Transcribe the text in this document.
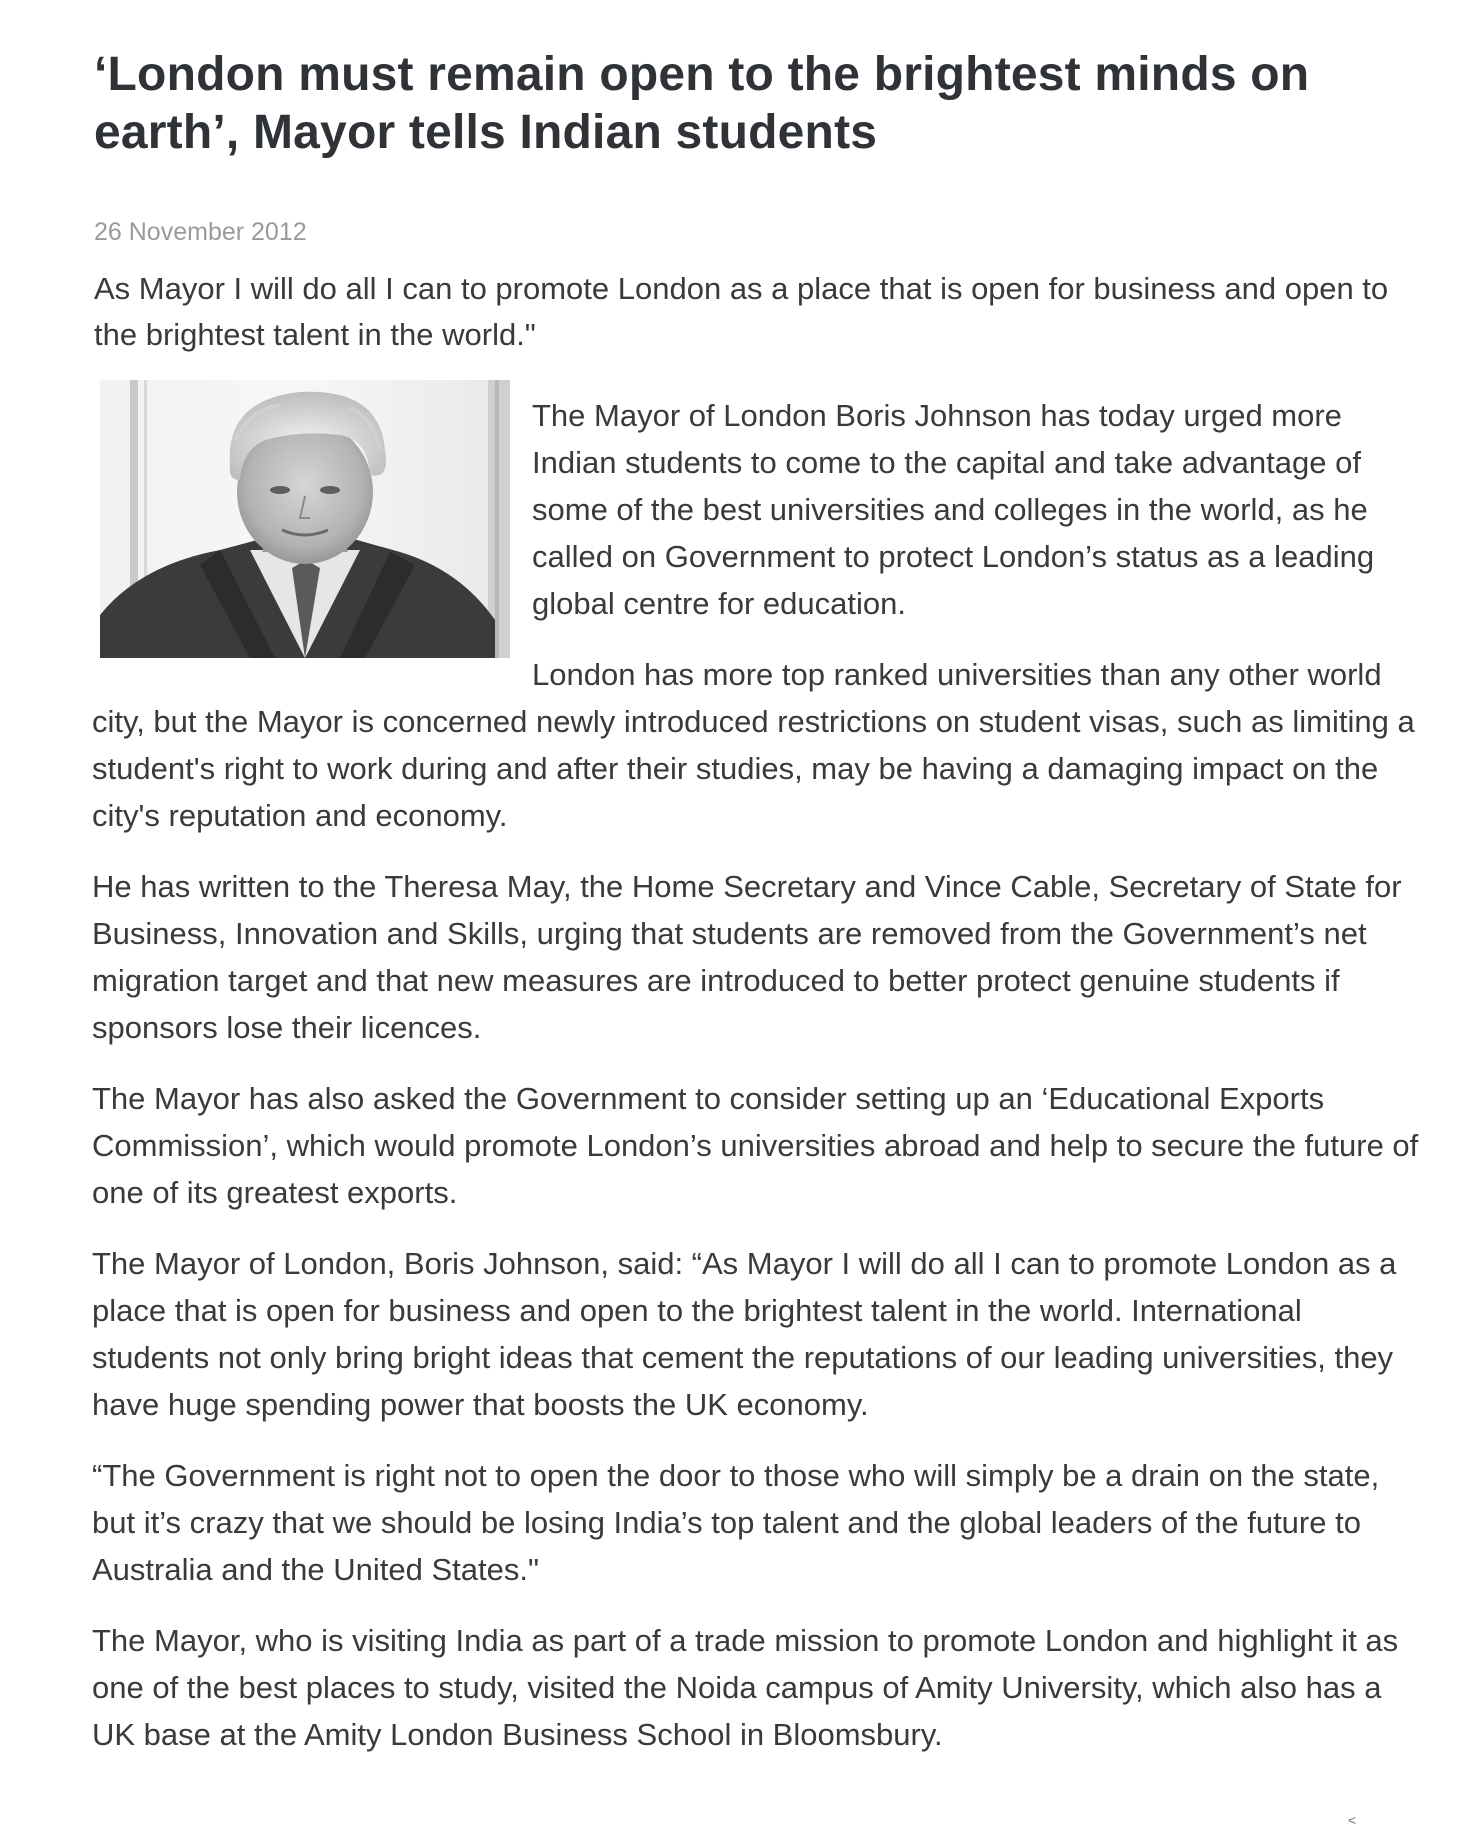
‘London must remain open to the brightest minds on earth’, Mayor tells Indian students

26 November 2012

As Mayor I will do all I can to promote London as a place that is open for business and open to the brightest talent in the world."

The Mayor of London Boris Johnson has today urged more Indian students to come to the capital and take advantage of some of the best universities and colleges in the world, as he called on Government to protect London’s status as a leading global centre for education.

London has more top ranked universities than any other world city, but the Mayor is concerned newly introduced restrictions on student visas, such as limiting a student's right to work during and after their studies, may be having a damaging impact on the city's reputation and economy.

He has written to the Theresa May, the Home Secretary and Vince Cable, Secretary of State for Business, Innovation and Skills, urging that students are removed from the Government’s net migration target and that new measures are introduced to better protect genuine students if sponsors lose their licences.

The Mayor has also asked the Government to consider setting up an ‘Educational Exports Commission’, which would promote London’s universities abroad and help to secure the future of one of its greatest exports.

The Mayor of London, Boris Johnson, said: “As Mayor I will do all I can to promote London as a place that is open for business and open to the brightest talent in the world. International students not only bring bright ideas that cement the reputations of our leading universities, they have huge spending power that boosts the UK economy.

“The Government is right not to open the door to those who will simply be a drain on the state, but it’s crazy that we should be losing India’s top talent and the global leaders of the future to Australia and the United States."

The Mayor, who is visiting India as part of a trade mission to promote London and highlight it as one of the best places to study, visited the Noida campus of Amity University, which also has a UK base at the Amity London Business School in Bloomsbury.

˂
